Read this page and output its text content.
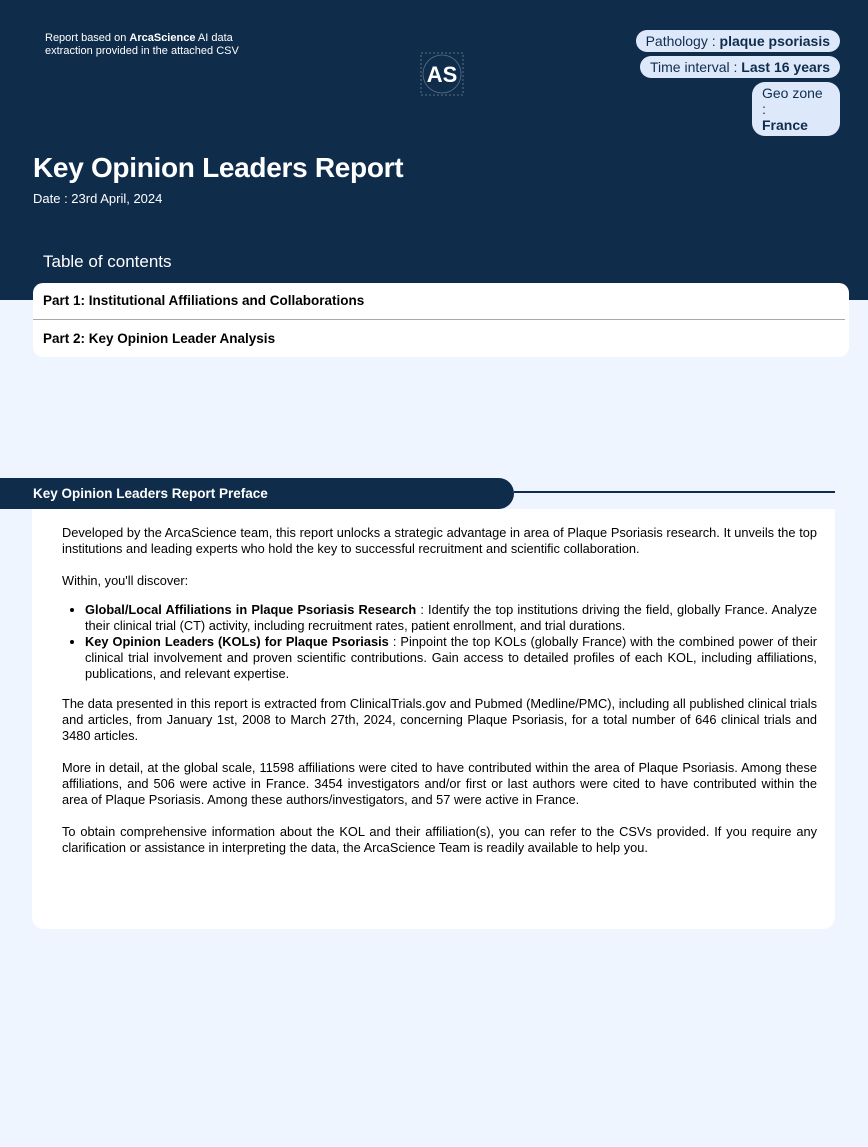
Report based on ArcaScience AI data extraction provided in the attached CSV
AS
Pathology : plaque psoriasis
Time interval : Last 16 years
Geo zone :
France
Key Opinion Leaders Report
Date : 23rd April, 2024
Table of contents
Part 1: Institutional Affiliations and Collaborations
Part 2: Key Opinion Leader Analysis
Key Opinion Leaders Report Preface

Developed by the ArcaScience team, this report unlocks a strategic advantage in area of Plaque Psoriasis research. It unveils the top institutions and leading experts who hold the key to successful recruitment and scientific collaboration.

Within, you'll discover:

• Global/Local Affiliations in Plaque Psoriasis Research : Identify the top institutions driving the field, globally France. Analyze their clinical trial (CT) activity, including recruitment rates, patient enrollment, and trial durations.
• Key Opinion Leaders (KOLs) for Plaque Psoriasis : Pinpoint the top KOLs (globally France) with the combined power of their clinical trial involvement and proven scientific contributions. Gain access to detailed profiles of each KOL, including affiliations, publications, and relevant expertise.

The data presented in this report is extracted from ClinicalTrials.gov and Pubmed (Medline/PMC), including all published clinical trials and articles, from January 1st, 2008 to March 27th, 2024, concerning Plaque Psoriasis, for a total number of 646 clinical trials and 3480 articles.

More in detail, at the global scale, 11598 affiliations were cited to have contributed within the area of Plaque Psoriasis. Among these affiliations, and 506 were active in France. 3454 investigators and/or first or last authors were cited to have contributed within the area of Plaque Psoriasis. Among these authors/investigators, and 57 were active in France.

To obtain comprehensive information about the KOL and their affiliation(s), you can refer to the CSVs provided. If you require any clarification or assistance in interpreting the data, the ArcaScience Team is readily available to help you.
